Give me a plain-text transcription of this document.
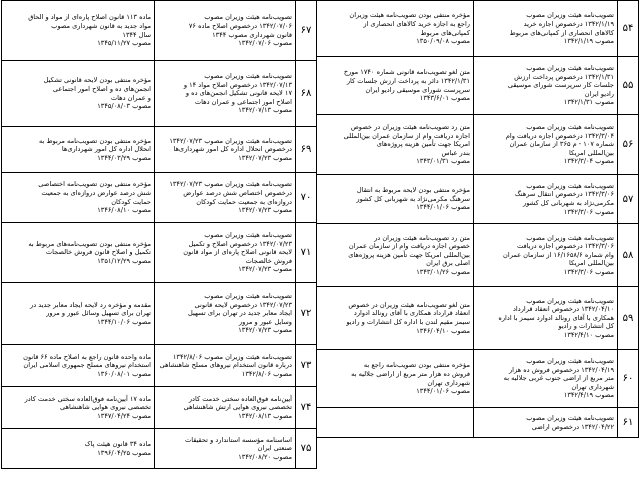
۵۴	تصویب‌نامه هیئت وزیران مصوب
۱۳۴۲/۱/۱۹ درخصوص اجازه خرید
کالاهای انحصاری از کمپانی‌های مربوط
مصوب ۱۳۴۲/۱/۱۹	مؤخره منتفی بودن تصویب‌نامه هیئت وزیران
راجع به اجازه خرید کالاهای انحصاری از
کمپانی‌های مربوط
مصوب ۱۳۵۰/۰۹/۰۸
۵۵	تصویب‌نامه هیئت وزیران مصوب
۱۳۴۲/۱/۳۱ درخصوص پرداخت ارزش
جلسات کار سرپرست شورای موسیقی
رادیو ایران
مصوب ۱۳۴۲/۱/۳۱	متن لغو تصویب‌نامه قانونی شماره ۱۷۴۰ مورخ
۱۳۴۲/۱/۳۱ دائر به پرداخت ارزش جلسات کار
سرپرست شورای موسیقی رادیو ایران
مصوب ۱۳۴۳/۶/۰۱
۵۶	تصویب‌نامه هیئت وزیران مصوب
۱۳۴۲/۳/۰۴ درخصوص اجازه دریافت وام
شماره ۱۰۷ - م ۳۶۵ از سازمان عمران
بین‌المللی امریکا
مصوب ۱۳۴۲/۳/۰۴	متن رد تصویب‌نامه هیئت وزیران در خصوص
اجازه دریافت وام از سازمان عمران بین‌المللی
امریکا جهت تأمین هزینه پروژه‌های
بندر عباس
مصوب ۱۳۴۳/۰۱/۳۱
۵۷	تصویب‌نامه هیئت وزیران مصوب
۱۳۴۲/۳/۰۶ درخصوص انتقال سرهنگ
مکرمی‌نژاد به شهربانی کل کشور
مصوب ۱۳۴۲/۳/۰۶	مؤخره منتفی بودن لایحه مربوط به انتقال
سرهنگ مکرمی‌نژاد به شهربانی کل کشور
مصوب ۱۳۴۴/۰۱/۰۶
۵۸	تصویب‌نامه هیئت وزیران مصوب
۱۳۴۲/۳/۰۶ درخصوص اجازه دریافت
وام شماره ۱۶/۱۶۵۸/۶ از سازمان عمران
بین‌المللی امریکا
مصوب ۱۳۴۲/۳/۰۶	متن رد تصویب‌نامه هیئت وزیران در
خصوص اجازه دریافت وام از سازمان عمران
بین‌المللی امریکا جهت تأمین هزینه پروژه‌های
اصلی برق ایران
مصوب ۱۳۴۳/۰۱/۲۶
۵۹	تصویب‌نامه هیئت وزیران مصوب
۱۳۴۲/۰۴/۱۰ درخصوص انعقاد قرارداد
همکاری با آقای رونالد ادوارد سیمز با اداره
کل انتشارات و رادیو
مصوب ۱۳۴۲/۴/۱۰	متن لغو تصویب‌نامه هیئت وزیران در خصوص
انعقاد قرارداد همکاری با آقای رونالد ادوارد
سیمز مقیم لندن با اداره کل انتشارات و رادیو
مصوب ۱۳۴۶/۰۴/۱۰
۶۰	تصویب‌نامه هیئت وزیران مصوب
۱۳۴۲/۰۴/۱۹ درخصوص فروش ده هزار
متر مربع از اراضی جنوب غربی جلالیه به
شهرداری تهران
مصوب ۱۳۴۲/۴/۱۹	مؤخره منتفی بودن تصویب‌نامه راجع به
فروش ده هزار متر مربع از اراضی جلالیه به
شهرداری تهران
مصوب ۱۳۴۴/۰۱/۰۶
۶۱	تصویب‌نامه هیئت وزیران مصوب
۱۳۴۲/۰۴/۲۲ درخصوص اراضی	
۶۷	تصویب‌نامه هیئت وزیران مصوب
۱۳۴۲/۰۷/۰۶ درخصوص اصلاح ماده ۷۶
قانون شهرداری مصوب ۱۳۴۴
مصوب ۱۳۴۲/۰۷/۰۶	ماده ۱۱۳ قانون اصلاح پاره‌ای از مواد و الحاق
مواد جدید به قانون شهرداری مصوب
سال ۱۳۴۴
مصوب ۱۳۴۵/۱۱/۲۷
۶۸	تصویب‌نامه هیئت وزیران مصوب
۱۳۴۲/۰۷/۱۳ درخصوص اصلاح مواد ۱۴ و
۱۷ لایحه قانونی تشکیل انجمن‌های ده و
اصلاح امور اجتماعی و عمران دهات
مصوب ۱۳۴۲/۰۷/۱۳	مؤخره منتفی بودن لایحه قانونی تشکیل
انجمن‌های ده و اصلاح امور اجتماعی
و عمران دهات
مصوب ۱۳۴۵/۰۸/۰۳
۶۹	تصویب‌نامه هیئت وزیران مصوب ۱۳۴۲/۰۷/۲۳
درخصوص انحلال اداره کل امور شهرداری‌ها
مصوب ۱۳۴۲/۰۷/۲۳	مؤخره منتفی بودن تصویب‌نامه مربوط به
انحلال اداره کل امور شهرداری‌ها
مصوب ۱۳۴۴/۰۳/۲۹
۷۰	تصویب‌نامه هیئت وزیران مصوب ۱۳۴۲/۰۷/۲۳
درخصوص اختصاص شش درصد عوارض
دروازه‌ای به جمعیت حمایت کودکان
مصوب ۱۳۴۲/۰۷/۲۳	مؤخره منتفی بودن تصویب‌نامه اختصاصی
شش درصد عوارض دروازه‌ای به جمعیت
حمایت کودکان
مصوب ۱۳۴۶/۰۸/۱۰
۷۱	تصویب‌نامه هیئت وزیران مصوب
۱۳۴۲/۰۷/۲۳ درخصوص اصلاح و تکمیل
لایحه قانونی اصلاح پاره‌ای از مواد قانون
فروش خالصجات
مصوب ۱۳۴۲/۰۷/۲۳	مؤخره منتفی بودن تصویب‌نامه‌های مربوط به
تکمیل و اصلاح قانون فروش خالصجات
مصوب ۱۳۵۱/۱۲/۲۹
۷۲	تصویب‌نامه هیئت وزیران مصوب
۱۳۴۲/۰۷/۲۳ درخصوص لایحه قانونی
ایجاد معابر جدید در تهران برای تسهیل
وسایل عبور و مرور
مصوب ۱۳۴۲/۰۷/۲۳	مقدمه و مؤخره رد لایحه ایجاد معابر جدید در
تهران برای تسهیل وسائل عبور و مرور
مصوب ۱۳۴۴/۱۰/۰۶
۷۳	تصویب‌نامه هیئت وزیران مصوب ۱۳۴۲/۸/۰۶
درباره قانون استخدام نیروهای مسلح شاهنشاهی
مصوب ۱۳۴۲/۸/۰۶	ماده واحده قانون راجع به اصلاح ماده ۶۶ قانون
استخدام نیروهای مسلح جمهوری اسلامی ایران
مصوب ۱۳۶۰/۰۸/۰۱
۷۴	آیین‌نامه فوق‌العاده سختی خدمت کادر
تخصصی نیروی هوایی ارتش شاهنشاهی
مصوب ۱۳۴۲/۰۸/۱۳	ماده ۱۷ آیین‌نامه فوق‌العاده سختی خدمت کادر
تخصصی نیروی هوایی شاهنشاهی
مصوب ۱۳۴۷/۰۴/۲۴
۷۵	اساسنامه مؤسسه استاندارد و تحقیقات
صنعتی ایران
مصوب ۱۳۴۲/۰۸/۲۰	ماده ۳۴ قانون هیئت پاک
مصوب ۱۳۹۶/۰۴/۲۵
